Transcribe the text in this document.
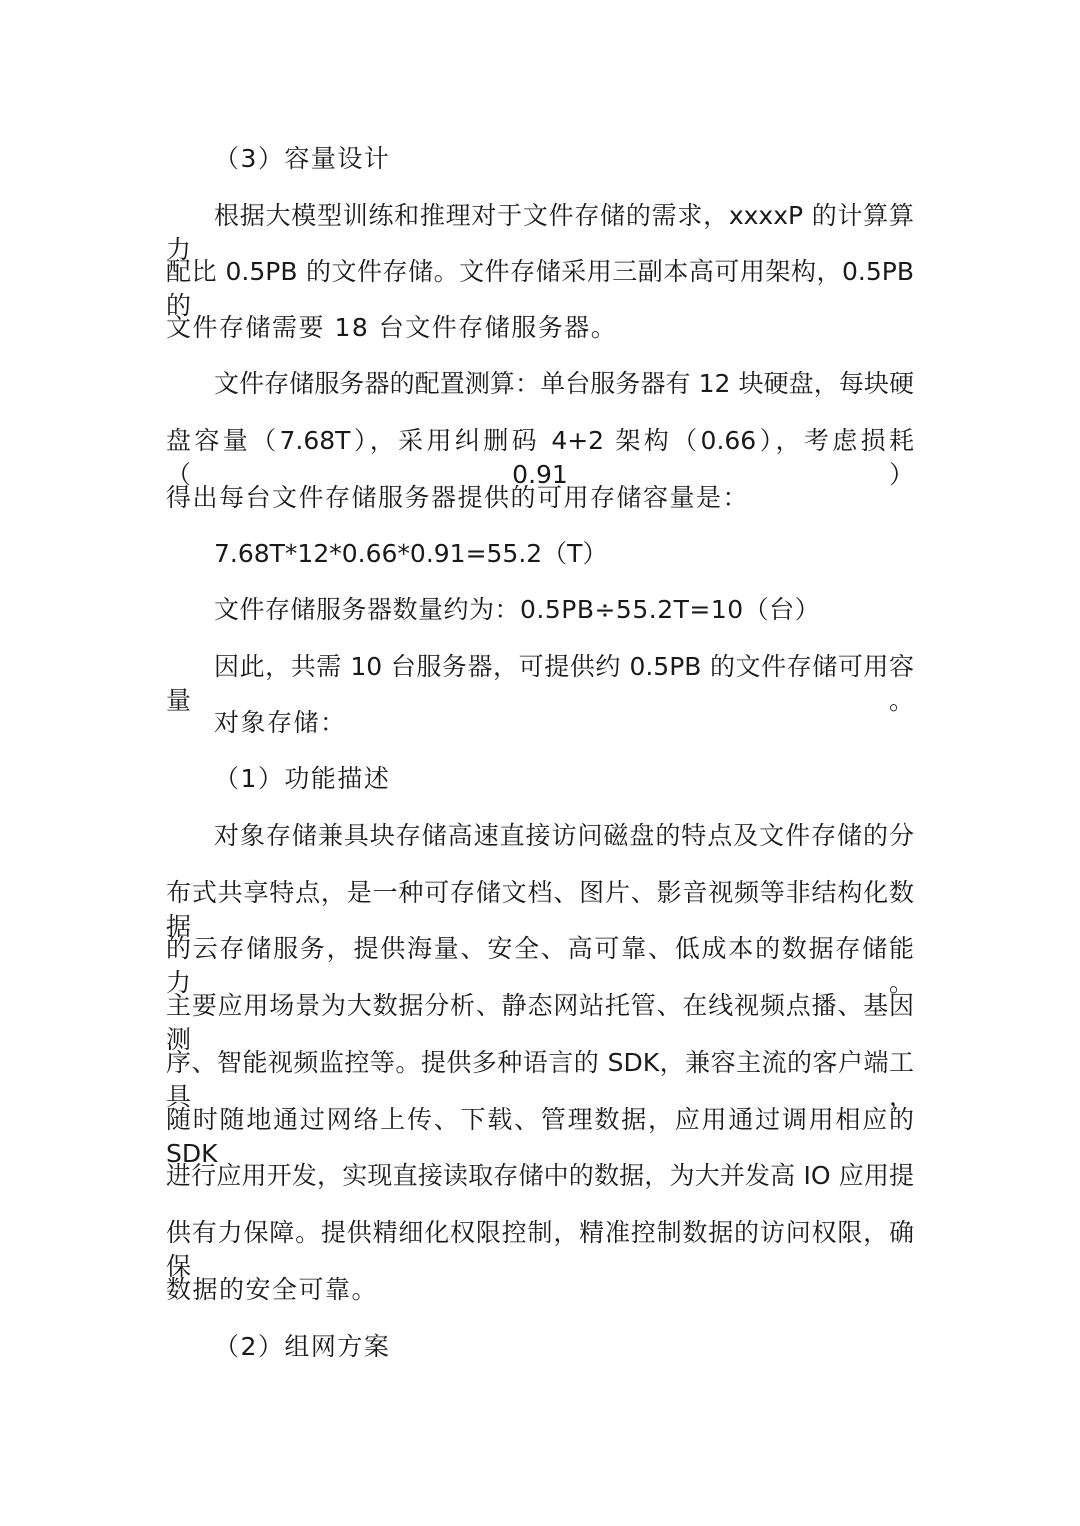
（3）容量设计
根据大模型训练和推理对于文件存储的需求，xxxxP 的计算算力
配比 0.5PB 的文件存储。文件存储采用三副本高可用架构，0.5PB 的
文件存储需要 18 台文件存储服务器。
文件存储服务器的配置测算：单台服务器有 12 块硬盘，每块硬
盘容量（7.68T），采用纠删码 4+2 架构（0.66），考虑损耗（0.91）
得出每台文件存储服务器提供的可用存储容量是：
7.68T*12*0.66*0.91=55.2（T）
文件存储服务器数量约为：0.5PB÷55.2T=10（台）
因此，共需 10 台服务器，可提供约 0.5PB 的文件存储可用容量。
对象存储：
（1）功能描述
对象存储兼具块存储高速直接访问磁盘的特点及文件存储的分
布式共享特点，是一种可存储文档、图片、影音视频等非结构化数据
的云存储服务，提供海量、安全、高可靠、低成本的数据存储能力。
主要应用场景为大数据分析、静态网站托管、在线视频点播、基因测
序、智能视频监控等。提供多种语言的 SDK，兼容主流的客户端工具，
随时随地通过网络上传、下载、管理数据，应用通过调用相应的 SDK
进行应用开发，实现直接读取存储中的数据，为大并发高 IO 应用提
供有力保障。提供精细化权限控制，精准控制数据的访问权限，确保
数据的安全可靠。
（2）组网方案
